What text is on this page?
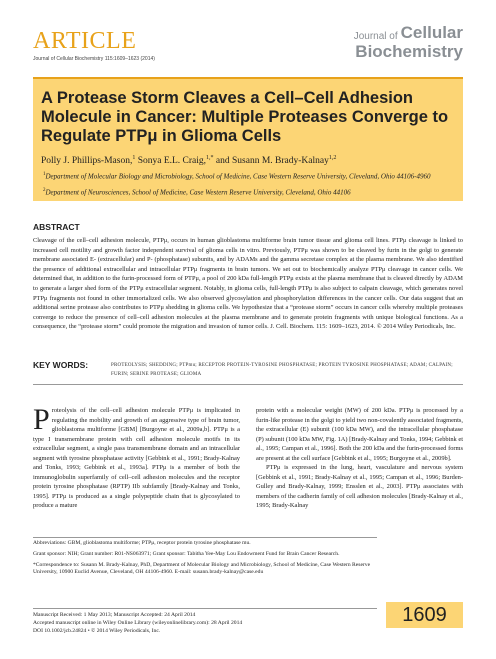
ARTICLE
Journal of Cellular Biochemistry 115:1609–1623 (2014)
Journal of Cellular
Biochemistry
A Protease Storm Cleaves a Cell–Cell Adhesion Molecule in Cancer: Multiple Proteases Converge to Regulate PTPμ in Glioma Cells
Polly J. Phillips-Mason,$^1$ Sonya E.L. Craig,$^{1,*}$ and Susann M. Brady-Kalnay$^{1,2}$
$^1$Department of Molecular Biology and Microbiology, School of Medicine, Case Western Reserve University, Cleveland, Ohio 44106-4960
$^2$Department of Neurosciences, School of Medicine, Case Western Reserve University, Cleveland, Ohio 44106
ABSTRACT
Cleavage of the cell–cell adhesion molecule, PTPμ, occurs in human glioblastoma multiforme brain tumor tissue and glioma cell lines. PTPμ cleavage is linked to increased cell motility and growth factor independent survival of glioma cells in vitro. Previously, PTPμ was shown to be cleaved by furin in the golgi to generate membrane associated E- (extracellular) and P- (phosphatase) subunits, and by ADAMs and the gamma secretase complex at the plasma membrane. We also identified the presence of additional extracellular and intracellular PTPμ fragments in brain tumors. We set out to biochemically analyze PTPμ cleavage in cancer cells. We determined that, in addition to the furin-processed form of PTPμ, a pool of 200 kDa full-length PTPμ exists at the plasma membrane that is cleaved directly by ADAM to generate a larger shed form of the PTPμ extracellular segment. Notably, in glioma cells, full-length PTPμ is also subject to calpain cleavage, which generates novel PTPμ fragments not found in other immortalized cells. We also observed glycosylation and phosphorylation differences in the cancer cells. Our data suggest that an additional serine protease also contributes to PTPμ shedding in glioma cells. We hypothesize that a “protease storm” occurs in cancer cells whereby multiple proteases converge to reduce the presence of cell–cell adhesion molecules at the plasma membrane and to generate protein fragments with unique biological functions. As a consequence, the “protease storm” could promote the migration and invasion of tumor cells. J. Cell. Biochem. 115: 1609–1623, 2014. © 2014 Wiley Periodicals, Inc.
KEY WORDS:	PROTEOLYSIS; SHEDDING; PTPmu; RECEPTOR PROTEIN-TYROSINE PHOSPHATASE; PROTEIN TYROSINE PHOSPHATASE; ADAM; CALPAIN; FURIN; SERINE PROTEASE; GLIOMA
Proteolysis of the cell–cell adhesion molecule PTPμ is implicated in regulating the mobility and growth of an aggressive type of brain tumor, glioblastoma multiforme [GBM] [Burgoyne et al., 2009a,b]. PTPμ is a type I transmembrane protein with cell adhesion molecule motifs in its extracellular segment, a single pass transmembrane domain and an intracellular segment with tyrosine phosphatase activity [Gebbink et al., 1991; Brady-Kalnay and Tonks, 1993; Gebbink et al., 1993a]. PTPμ is a member of both the immunoglobulin superfamily of cell–cell adhesion molecules and the receptor protein tyrosine phosphatase (RPTP) IIb subfamily [Brady-Kalnay and Tonks, 1995]. PTPμ is produced as a single polypeptide chain that is glycosylated to produce a mature

protein with a molecular weight (MW) of 200 kDa. PTPμ is processed by a furin-like protease in the golgi to yield two non-covalently associated fragments, the extracellular (E) subunit (100 kDa MW), and the intracellular phosphatase (P) subunit (100 kDa MW, Fig. 1A) [Brady-Kalnay and Tonks, 1994; Gebbink et al., 1995; Campan et al., 1996]. Both the 200 kDa and the furin-processed forms are present at the cell surface [Gebbink et al., 1995; Burgoyne et al., 2009b].

PTPμ is expressed in the lung, heart, vasculature and nervous system [Gebbink et al., 1991; Brady-Kalnay et al., 1995; Campan et al., 1996; Burden-Gulley and Brady-Kalnay, 1999; Ensslen et al., 2003]. PTPμ associates with members of the cadherin family of cell adhesion molecules [Brady-Kalnay et al., 1995; Brady-Kalnay

Abbreviations: GBM, glioblastoma multiforme; PTPμ, receptor protein tyrosine phosphatase mu.

Grant sponsor: NIH; Grant number: R01-NS063971; Grant sponsor: Tabitha Yee-May Lou Endowment Fund for Brain Cancer Research.

*Correspondence to: Susann M. Brady-Kalnay, PhD, Department of Molecular Biology and Microbiology, School of Medicine, Case Western Reserve University, 10900 Euclid Avenue, Cleveland, OH 44106-4960. E-mail: susann.brady-kalnay@case.edu

Manuscript Received: 1 May 2013; Manuscript Accepted: 24 April 2014
Accepted manuscript online in Wiley Online Library (wileyonlinelibrary.com): 28 April 2014
DOI 10.1002/jcb.24824 • © 2014 Wiley Periodicals, Inc.
1609
